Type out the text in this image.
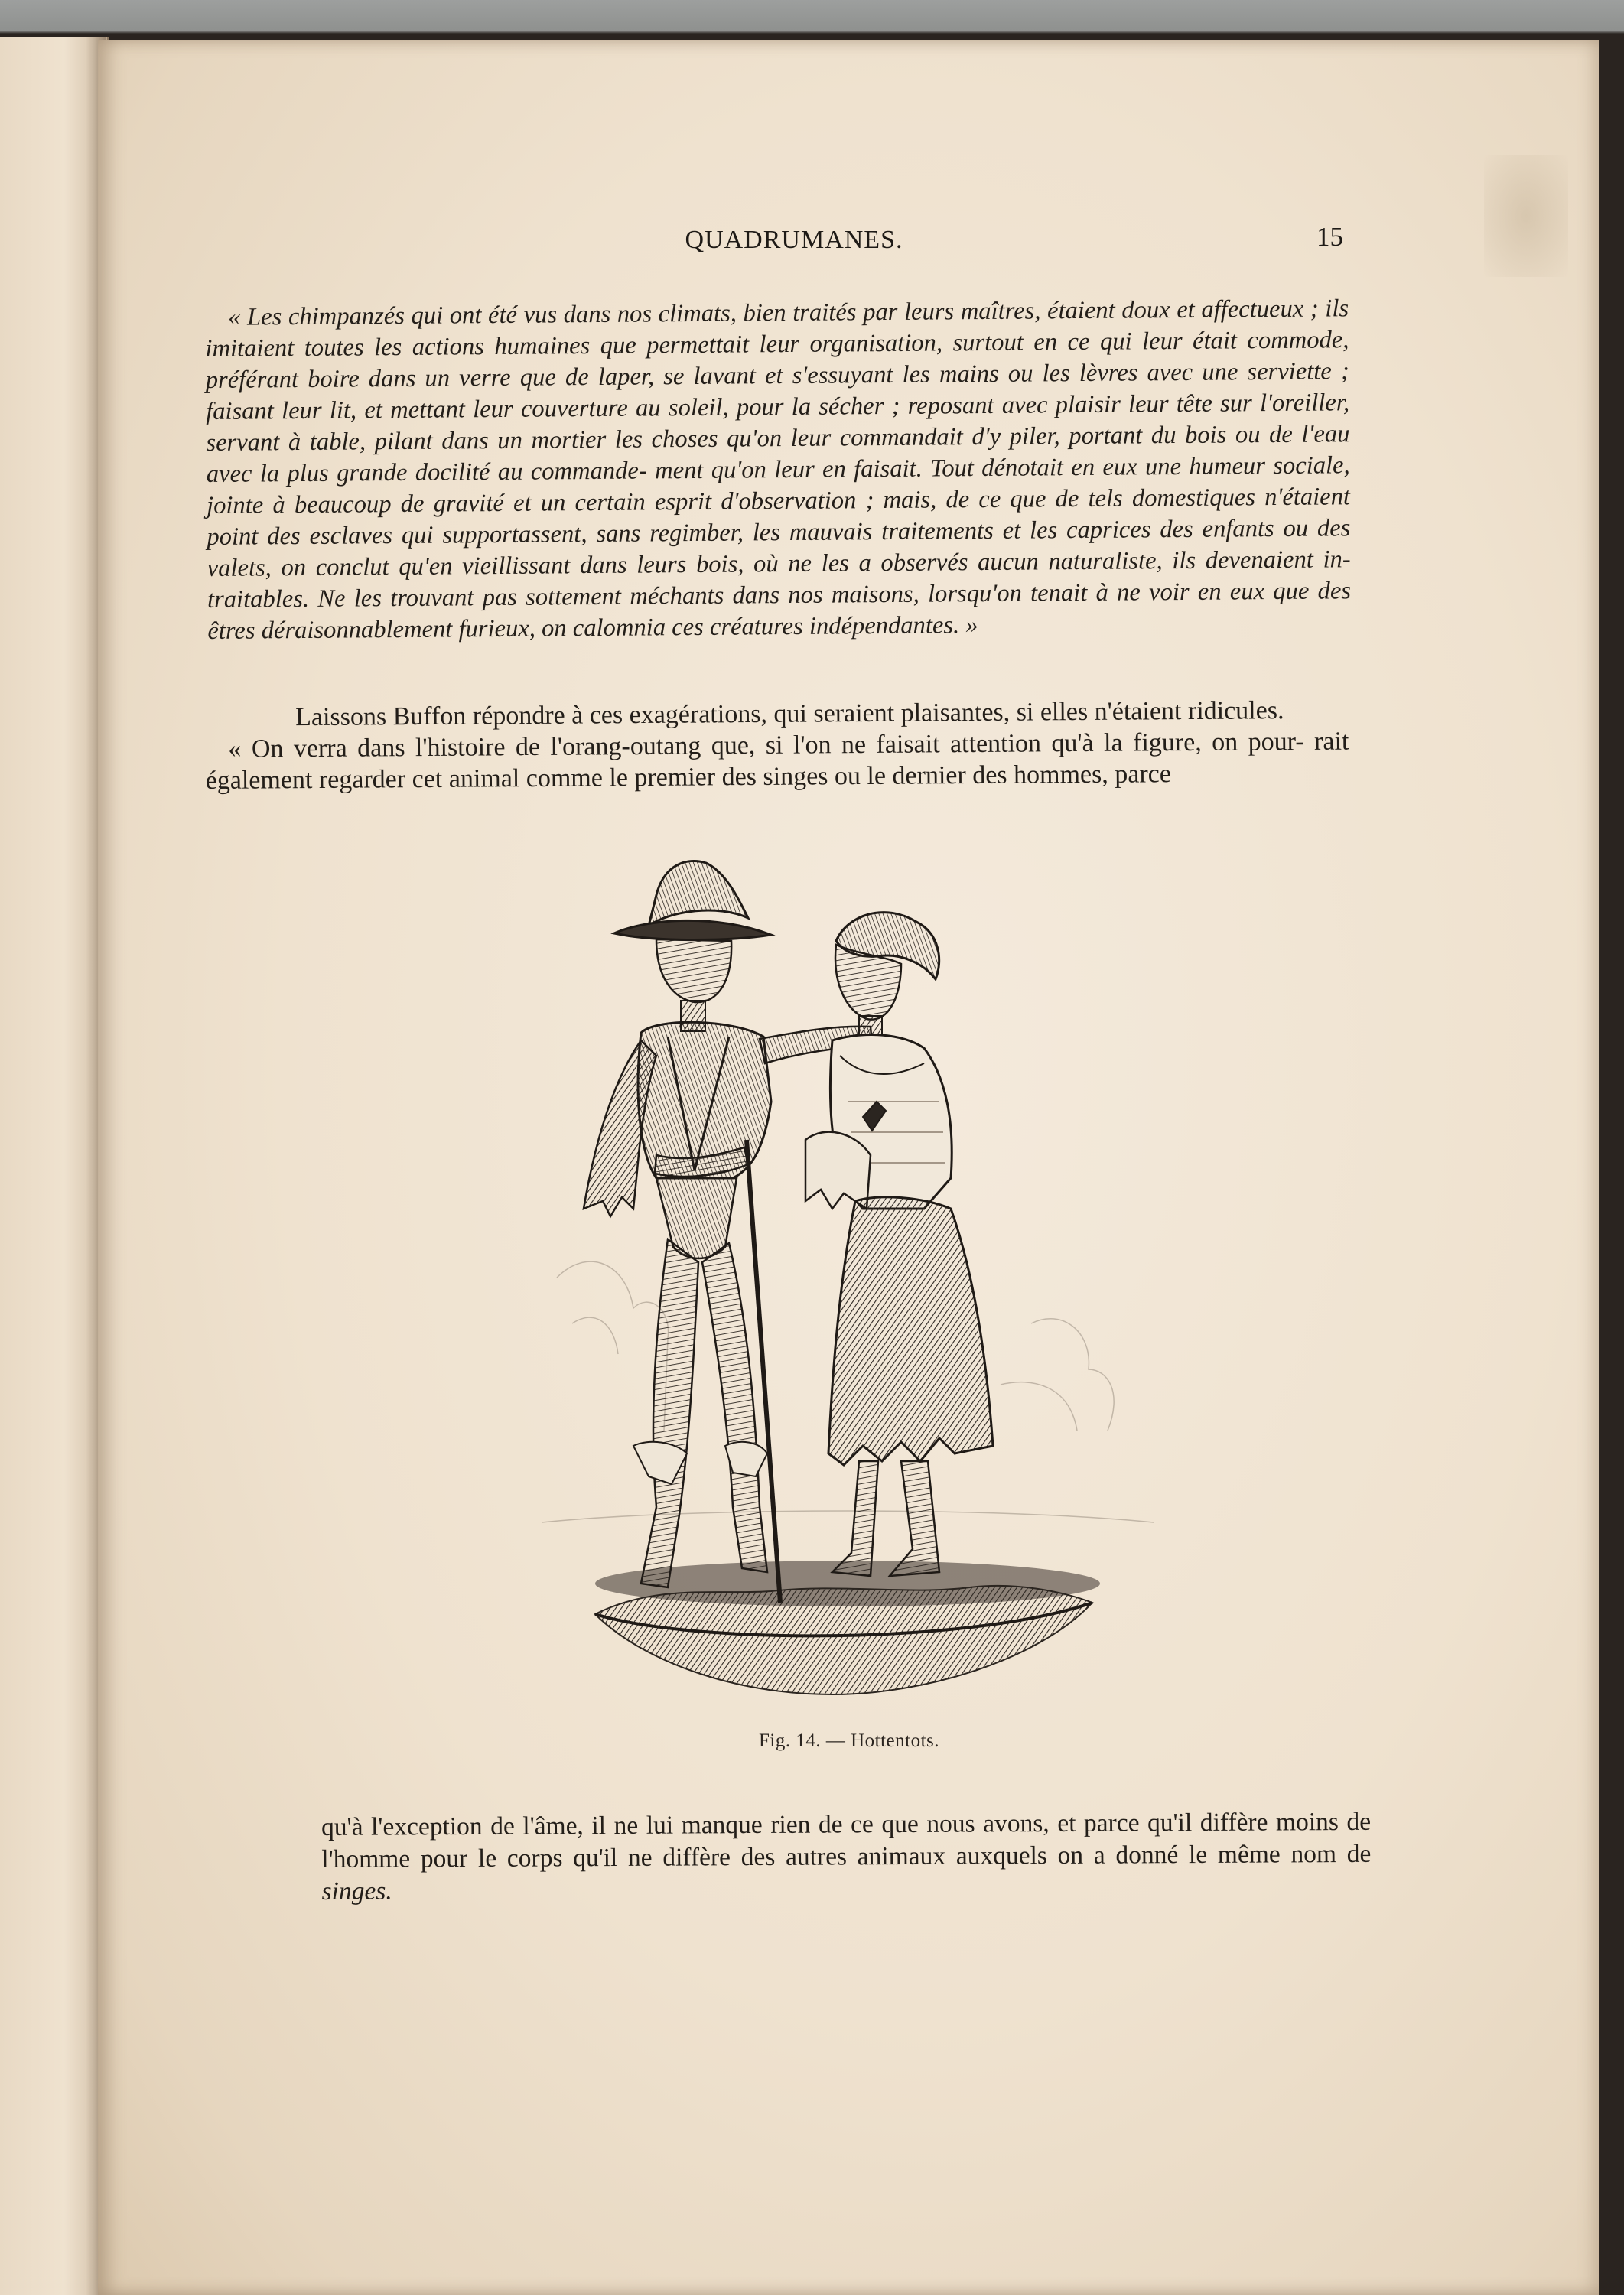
QUADRUMANES.	15

« Les chimpanzés qui ont été vus dans nos climats, bien traités par leurs maîtres, étaient doux et affectueux ; ils imitaient toutes les actions humaines que permettait leur organisation, surtout en ce qui leur était commode, préférant boire dans un verre que de laper, se lavant et s'essuyant les mains ou les lèvres avec une serviette ; faisant leur lit, et mettant leur couverture au soleil, pour la sécher ; reposant avec plaisir leur tête sur l'oreiller, servant à table, pilant dans un mortier les choses qu'on leur commandait d'y piler, portant du bois ou de l'eau avec la plus grande docilité au commande- ment qu'on leur en faisait. Tout dénotait en eux une humeur sociale, jointe à beaucoup de gravité et un certain esprit d'observation ; mais, de ce que de tels domestiques n'étaient point des esclaves qui supportassent, sans regimber, les mauvais traitements et les caprices des enfants ou des valets, on conclut qu'en vieillissant dans leurs bois, où ne les a observés aucun naturaliste, ils devenaient in- traitables. Ne les trouvant pas sottement méchants dans nos maisons, lorsqu'on tenait à ne voir en eux que des êtres déraisonnablement furieux, on calomnia ces créatures indépendantes. »

Laissons Buffon répondre à ces exagérations, qui seraient plaisantes, si elles n'étaient ridicules.

« On verra dans l'histoire de l'orang-outang que, si l'on ne faisait attention qu'à la figure, on pour- rait également regarder cet animal comme le premier des singes ou le dernier des hommes, parce

Fig. 14. — Hottentots.

qu'à l'exception de l'âme, il ne lui manque rien de ce que nous avons, et parce qu'il diffère moins de l'homme pour le corps qu'il ne diffère des autres animaux auxquels on a donné le même nom de singes.
